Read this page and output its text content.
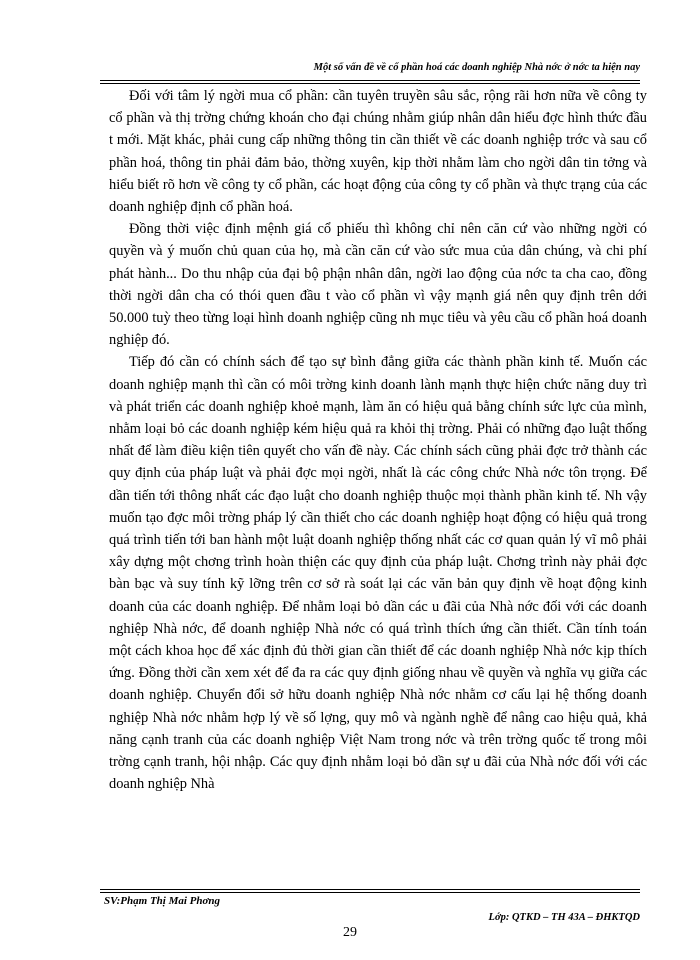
Một số vấn đề về cổ phần hoá các doanh nghiệp Nhà nớc ở nớc ta hiện nay

Đối với tâm lý ngời mua cổ phần: cần tuyên truyền sâu sắc, rộng rãi hơn nữa về công ty cổ phần và thị trờng chứng khoán cho đại chúng nhằm giúp nhân dân hiểu đợc hình thức đầu t mới. Mặt khác, phải cung cấp những thông tin cần thiết về các doanh nghiệp trớc và sau cổ phần hoá, thông tin phải đảm bảo, thờng xuyên, kịp thời nhằm làm cho ngời dân tin tởng và hiểu biết rõ hơn về công ty cổ phần, các hoạt động của công ty cổ phần và thực trạng của các doanh nghiệp định cổ phần hoá.

Đồng thời việc định mệnh giá cổ phiếu thì không chỉ nên căn cứ vào những ngời có quyền và ý muốn chủ quan của họ, mà cần căn cứ vào sức mua của dân chúng, và chi phí phát hành... Do thu nhập của đại bộ phận nhân dân, ngời lao động của nớc ta cha cao, đồng thời ngời dân cha có thói quen đầu t vào cổ phần vì vậy mạnh giá nên quy định trên dới 50.000 tuỳ theo từng loại hình doanh nghiệp cũng nh mục tiêu và yêu cầu cổ phần hoá doanh nghiệp đó.

Tiếp đó cần có chính sách để tạo sự bình đẳng giữa các thành phần kinh tế. Muốn các doanh nghiệp mạnh thì cần có môi trờng kinh doanh lành mạnh thực hiện chức năng duy trì và phát triển các doanh nghiệp khoẻ mạnh, làm ăn có hiệu quả bằng chính sức lực của mình, nhằm loại bỏ các doanh nghiệp kém hiệu quả ra khỏi thị trờng. Phải có những đạo luật thống nhất để làm điều kiện tiên quyết cho vấn đề này. Các chính sách cũng phải đợc trở thành các quy định của pháp luật và phải đợc mọi ngời, nhất là các công chức Nhà nớc tôn trọng. Để dần tiến tới thông nhất các đạo luật cho doanh nghiệp thuộc mọi thành phần kinh tế. Nh vậy muốn tạo đợc môi trờng pháp lý cần thiết cho các doanh nghiệp hoạt động có hiệu quả trong quá trình tiến tới ban hành một luật doanh nghiệp thống nhất các cơ quan quản lý vĩ mô phải xây dựng một chơng trình hoàn thiện các quy định của pháp luật. Chơng trình này phải đợc bàn bạc và suy tính kỹ lỡng trên cơ sở rà soát lại các văn bản quy định về hoạt động kinh doanh của các doanh nghiệp. Để nhằm loại bỏ dần các u đãi của Nhà nớc đối với các doanh nghiệp Nhà nớc, để doanh nghiệp Nhà nớc có quá trình thích ứng cần thiết. Cần tính toán một cách khoa học để xác định đủ thời gian cần thiết để các doanh nghiệp Nhà nớc kịp thích ứng. Đồng thời cần xem xét để đa ra các quy định giống nhau về quyền và nghĩa vụ giữa các doanh nghiệp. Chuyển đổi sở hữu doanh nghiệp Nhà nớc nhằm cơ cấu lại hệ thống doanh nghiệp Nhà nớc nhằm hợp lý về số lợng, quy mô và ngành nghề để nâng cao hiệu quả, khả năng cạnh tranh của các doanh nghiệp Việt Nam trong nớc và trên trờng quốc tế trong môi trờng cạnh tranh, hội nhập. Các quy định nhằm loại bỏ dần sự u đãi của Nhà nớc đối với các doanh nghiệp Nhà

SV:Phạm Thị Mai Phơng
Lớp: QTKD – TH 43A – ĐHKTQD
29
